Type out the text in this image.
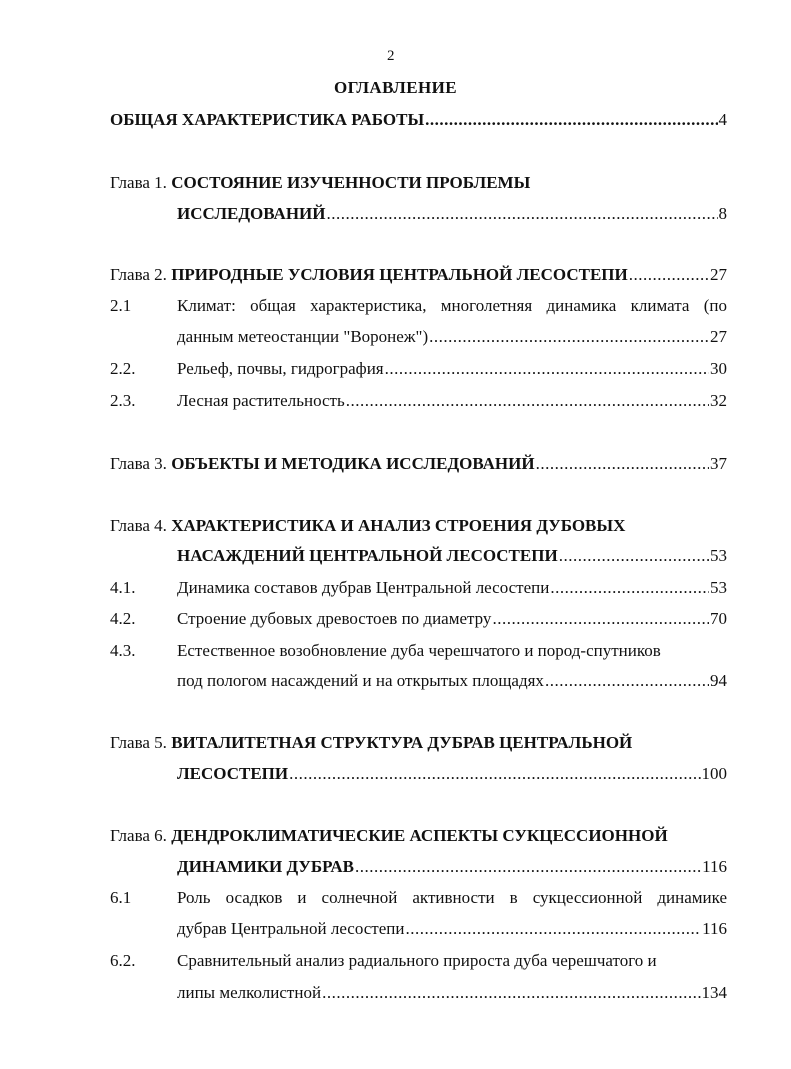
2
ОГЛАВЛЕНИЕ
ОБЩАЯ ХАРАКТЕРИСТИКА РАБОТЫ .....	4
Глава 1. СОСТОЯНИЕ ИЗУЧЕННОСТИ ПРОБЛЕМЫ
ИССЛЕДОВАНИЙ .....	8
Глава 2.
ПРИРОДНЫЕ УСЛОВИЯ ЦЕНТРАЛЬНОЙ ЛЕСОСТЕПИ .....	27
2.1	Климат: общая характеристика, многолетняя динамика климата (по
данным метеостанции "Воронеж") .....	27
2.2. Рельеф, почвы, гидрография .....	30
2.3. Лесная растительность .....	32
Глава 3.
ОБЪЕКТЫ И МЕТОДИКА ИССЛЕДОВАНИЙ .....	37
Глава 4. ХАРАКТЕРИСТИКА И АНАЛИЗ СТРОЕНИЯ ДУБОВЫХ
НАСАЖДЕНИЙ ЦЕНТРАЛЬНОЙ ЛЕСОСТЕПИ .....	53
4.1. Динамика составов дубрав Центральной лесостепи .....	53
4.2. Строение дубовых древостоев по диаметру .....	70
4.3. Естественное возобновление дуба черешчатого и пород-спутников
под пологом насаждений и на открытых площадях .....	94
Глава 5. ВИТАЛИТЕТНАЯ СТРУКТУРА ДУБРАВ ЦЕНТРАЛЬНОЙ
ЛЕСОСТЕПИ .....	100
Глава 6. ДЕНДРОКЛИМАТИЧЕСКИЕ АСПЕКТЫ СУКЦЕССИОННОЙ
ДИНАМИКИ ДУБРАВ .....	116
6.1	Роль осадков и солнечной активности в сукцессионной динамике
дубрав Центральной лесостепи .....	116
6.2. Сравнительный анализ радиального прироста дуба черешчатого и
липы мелколистной .....	134
